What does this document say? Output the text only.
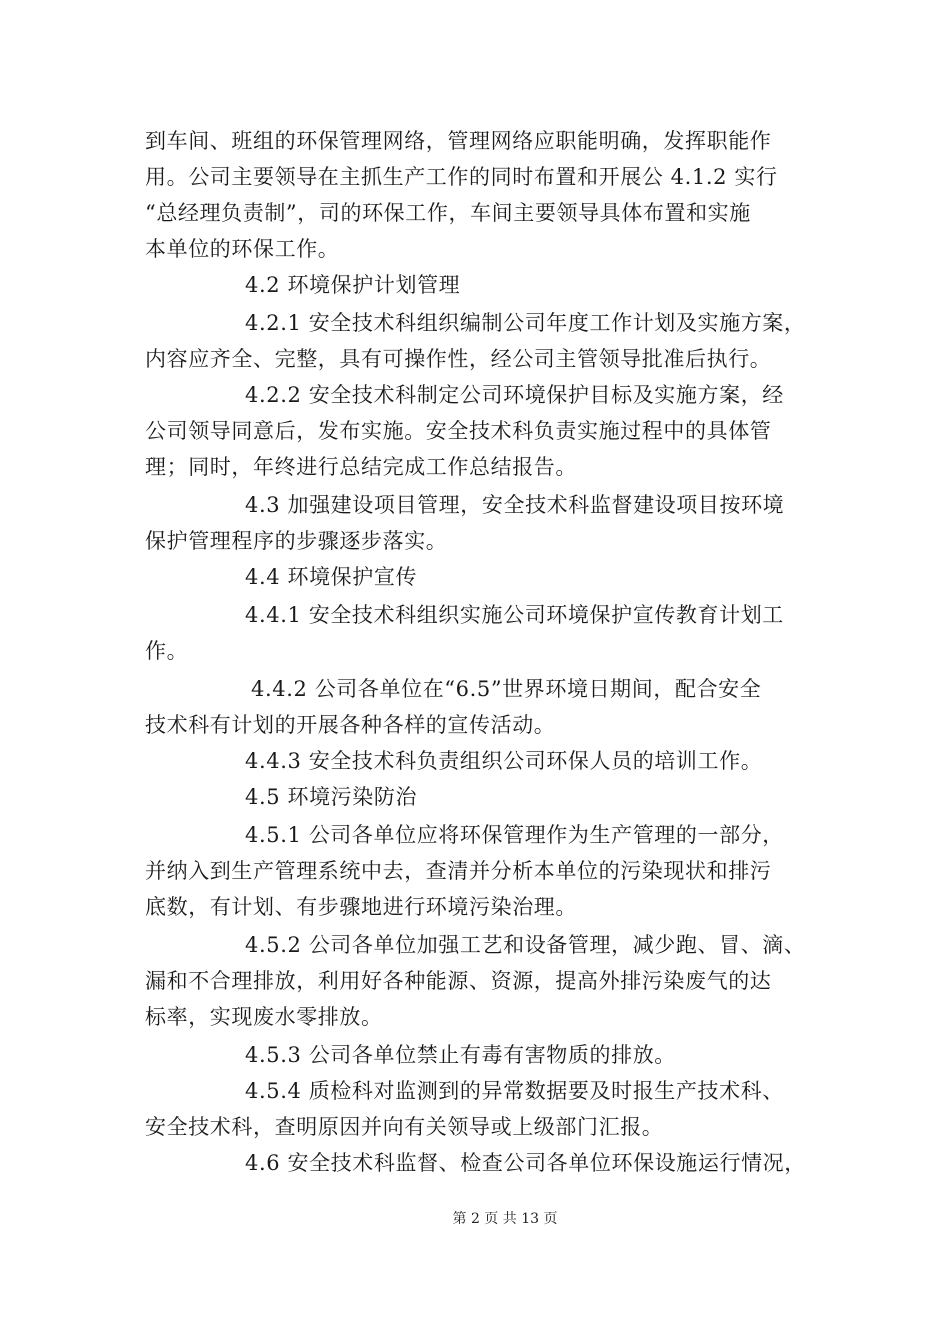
到车间、班组的环保管理网络，管理网络应职能明确，发挥职能作
用。公司主要领导在主抓生产工作的同时布置和开展公 4.1.2 实行
“总经理负责制”，司的环保工作，车间主要领导具体布置和实施
本单位的环保工作。
4.2 环境保护计划管理
4.2.1 安全技术科组织编制公司年度工作计划及实施方案，
内容应齐全、完整，具有可操作性，经公司主管领导批准后执行。
4.2.2 安全技术科制定公司环境保护目标及实施方案，经
公司领导同意后，发布实施。安全技术科负责实施过程中的具体管
理；同时，年终进行总结完成工作总结报告。
4.3 加强建设项目管理，安全技术科监督建设项目按环境
保护管理程序的步骤逐步落实。
4.4 环境保护宣传
4.4.1 安全技术科组织实施公司环境保护宣传教育计划工
作。
4.4.2 公司各单位在“6.5”世界环境日期间，配合安全
技术科有计划的开展各种各样的宣传活动。
4.4.3 安全技术科负责组织公司环保人员的培训工作。
4.5 环境污染防治
4.5.1 公司各单位应将环保管理作为生产管理的一部分，
并纳入到生产管理系统中去，查清并分析本单位的污染现状和排污
底数，有计划、有步骤地进行环境污染治理。
4.5.2 公司各单位加强工艺和设备管理，减少跑、冒、滴、
漏和不合理排放，利用好各种能源、资源，提高外排污染废气的达
标率，实现废水零排放。
4.5.3 公司各单位禁止有毒有害物质的排放。
4.5.4 质检科对监测到的异常数据要及时报生产技术科、
安全技术科，查明原因并向有关领导或上级部门汇报。
4.6 安全技术科监督、检查公司各单位环保设施运行情况，
第 2 页 共 13 页
